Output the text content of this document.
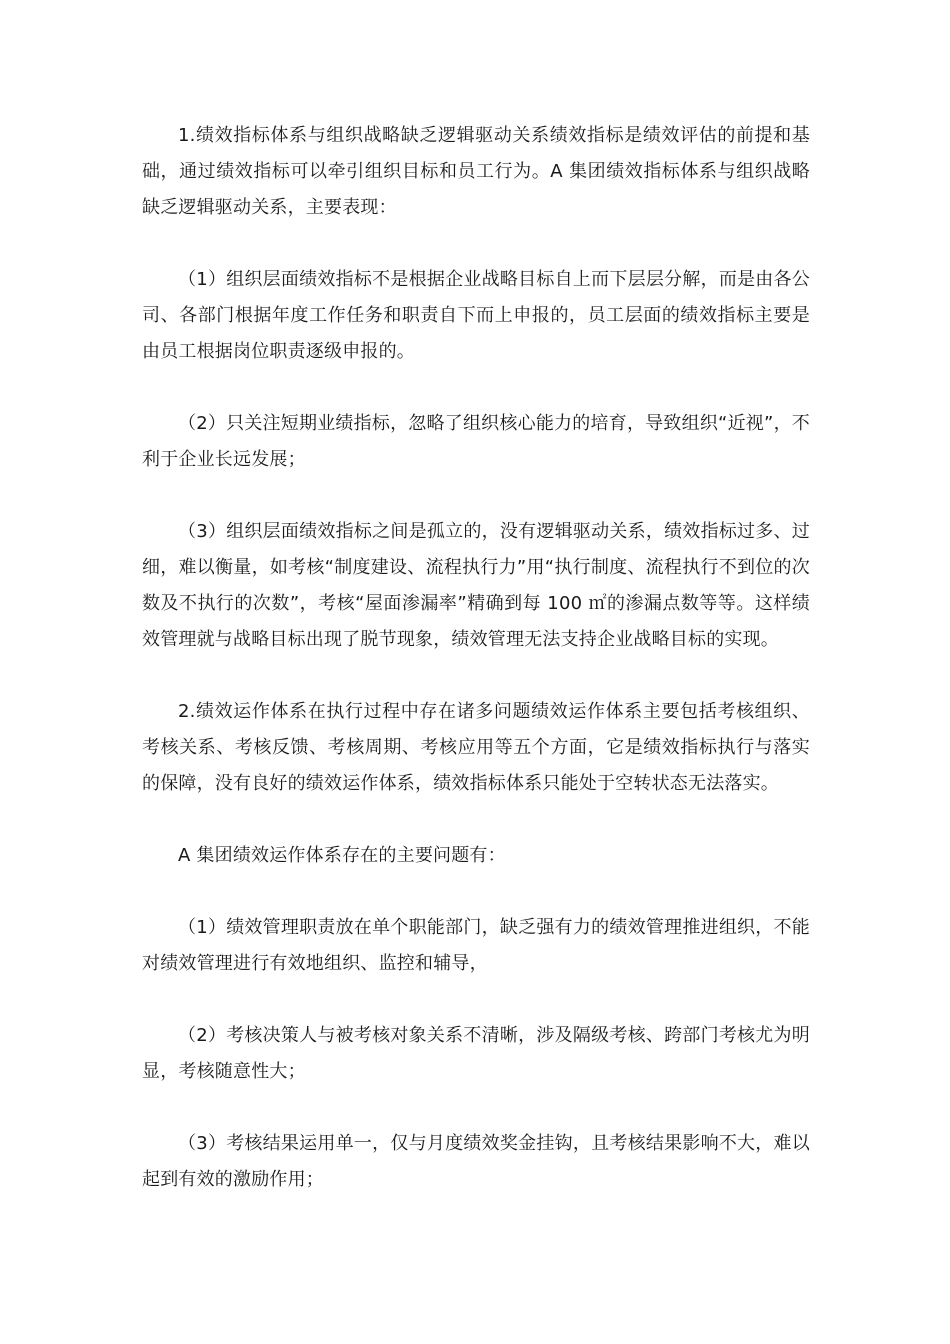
1.绩效指标体系与组织战略缺乏逻辑驱动关系绩效指标是绩效评估的前提和基础，通过绩效指标可以牵引组织目标和员工行为。A 集团绩效指标体系与组织战略缺乏逻辑驱动关系，主要表现：

（1）组织层面绩效指标不是根据企业战略目标自上而下层层分解，而是由各公司、各部门根据年度工作任务和职责自下而上申报的，员工层面的绩效指标主要是由员工根据岗位职责逐级申报的。

（2）只关注短期业绩指标，忽略了组织核心能力的培育，导致组织“近视”，不利于企业长远发展；

（3）组织层面绩效指标之间是孤立的，没有逻辑驱动关系，绩效指标过多、过细，难以衡量，如考核“制度建设、流程执行力”用“执行制度、流程执行不到位的次数及不执行的次数”，考核“屋面渗漏率”精确到每 100 ㎡的渗漏点数等等。这样绩效管理就与战略目标出现了脱节现象，绩效管理无法支持企业战略目标的实现。

2.绩效运作体系在执行过程中存在诸多问题绩效运作体系主要包括考核组织、考核关系、考核反馈、考核周期、考核应用等五个方面，它是绩效指标执行与落实的保障，没有良好的绩效运作体系，绩效指标体系只能处于空转状态无法落实。

A 集团绩效运作体系存在的主要问题有：

（1）绩效管理职责放在单个职能部门，缺乏强有力的绩效管理推进组织，不能对绩效管理进行有效地组织、监控和辅导，

（2）考核决策人与被考核对象关系不清晰，涉及隔级考核、跨部门考核尤为明显，考核随意性大；

（3）考核结果运用单一，仅与月度绩效奖金挂钩，且考核结果影响不大，难以起到有效的激励作用；
